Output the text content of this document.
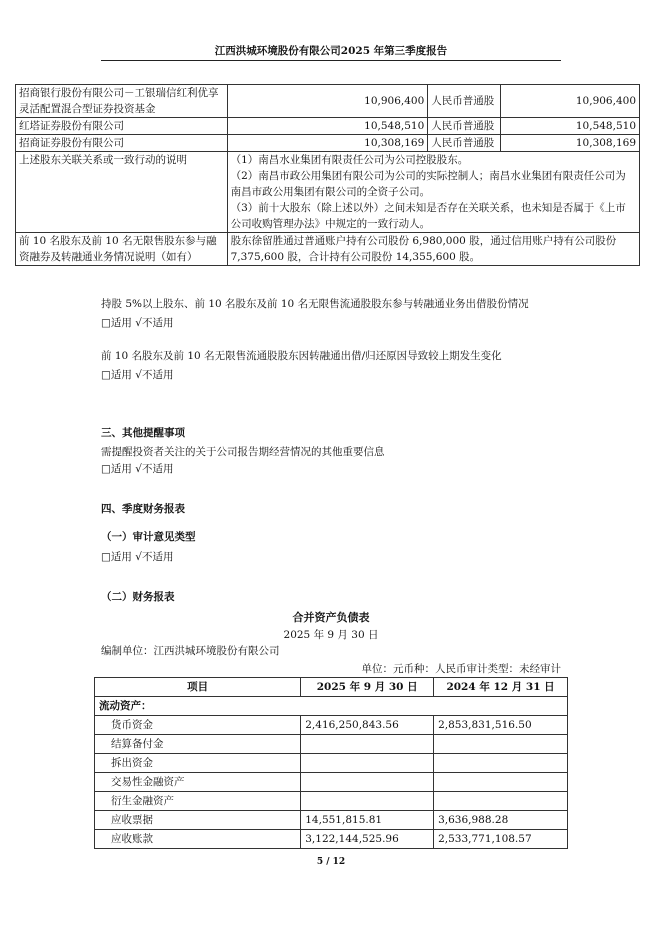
江西洪城环境股份有限公司2025 年第三季度报告
招商银行股份有限公司－工银瑞信红利优享灵活配置混合型证券投资基金	10,906,400	人民币普通股	10,906,400
红塔证券股份有限公司	10,548,510	人民币普通股	10,548,510
招商证券股份有限公司	10,308,169	人民币普通股	10,308,169
上述股东关联关系或一致行动的说明	（1）南昌水业集团有限责任公司为公司控股股东。
（2）南昌市政公用集团有限公司为公司的实际控制人；南昌水业集团有限责任公司为南昌市政公用集团有限公司的全资子公司。
（3）前十大股东（除上述以外）之间未知是否存在关联关系，也未知是否属于《上市公司收购管理办法》中规定的一致行动人。		

前 10 名股东及前 10 名无限售股东参与融资融券及转融通业务情况说明（如有）	股东徐留胜通过普通账户持有公司股份 6,980,000 股，通过信用账户持有公司股份 7,375,600 股，合计持有公司股份 14,355,600 股。		
持股 5%以上股东、前 10 名股东及前 10 名无限售流通股股东参与转融通业务出借股份情况
□适用 √不适用
前 10 名股东及前 10 名无限售流通股股东因转融通出借/归还原因导致较上期发生变化
□适用 √不适用
三、其他提醒事项
需提醒投资者关注的关于公司报告期经营情况的其他重要信息
□适用 √不适用
四、季度财务报表
（一）审计意见类型
□适用 √不适用
（二）财务报表
合并资产负债表
2025 年 9 月 30 日
编制单位：江西洪城环境股份有限公司
单位：元币种：人民币审计类型：未经审计
项目	2025 年 9 月 30 日	2024 年 12 月 31 日
流动资产：		
货币资金	2,416,250,843.56	2,853,831,516.50
结算备付金		
拆出资金		
交易性金融资产		
衍生金融资产		
应收票据	14,551,815.81	3,636,988.28
应收账款	3,122,144,525.96	2,533,771,108.57
5 / 12
